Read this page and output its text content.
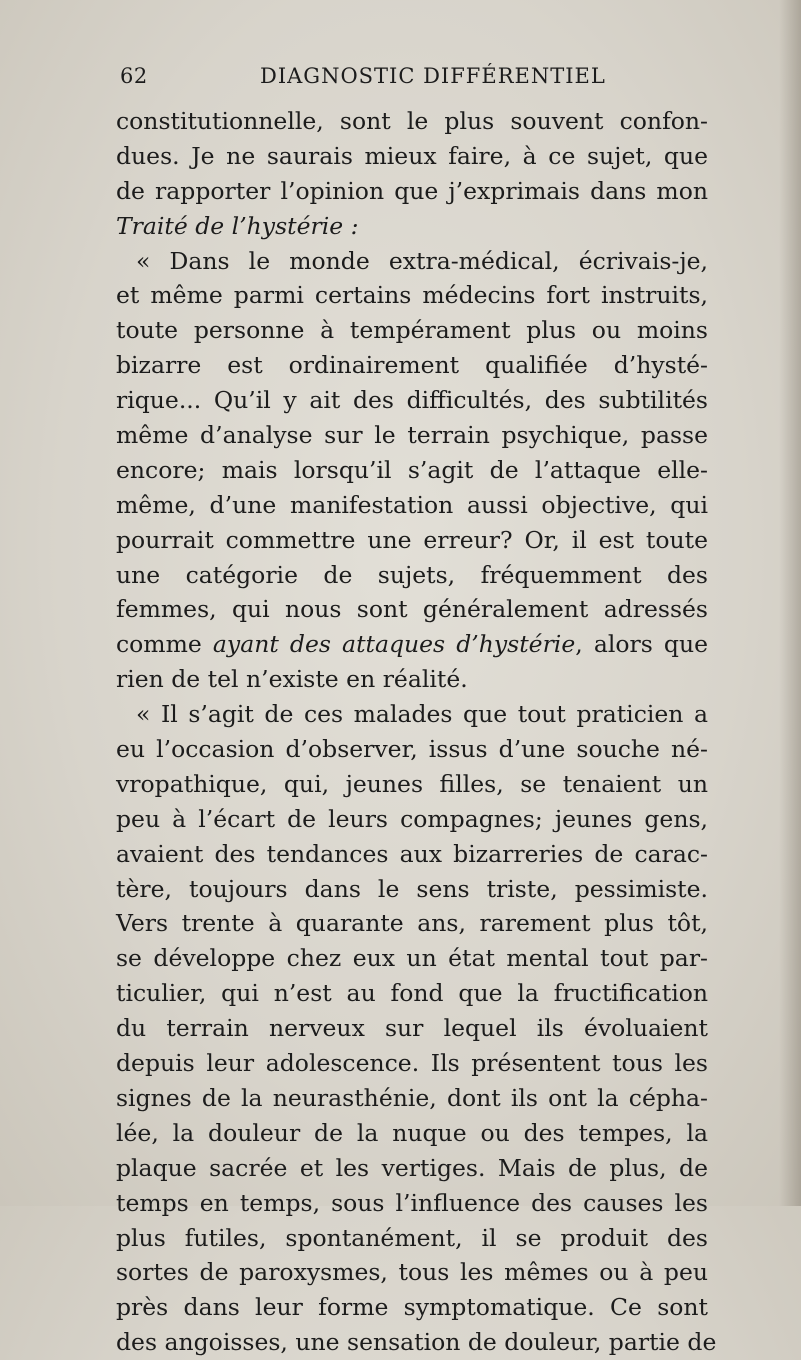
62	DIAGNOSTIC DIFFÉRENTIEL
constitutionnelle, sont le plus souvent confon-
dues. Je ne saurais mieux faire, à ce sujet, que
de rapporter l’opinion que j’exprimais dans mon
Traité de l’hystérie :
« Dans le monde extra-médical, écrivais-je,
et même parmi certains médecins fort instruits,
toute personne à tempérament plus ou moins
bizarre est ordinairement qualifiée d’hysté-
rique... Qu’il y ait des difficultés, des subtilités
même d’analyse sur le terrain psychique, passe
encore; mais lorsqu’il s’agit de l’attaque elle-
même, d’une manifestation aussi objective, qui
pourrait commettre une erreur? Or, il est toute
une catégorie de sujets, fréquemment des
femmes, qui nous sont généralement adressés
comme ayant des attaques d’hystérie, alors que
rien de tel n’existe en réalité.
« Il s’agit de ces malades que tout praticien a
eu l’occasion d’observer, issus d’une souche né-
vropathique, qui, jeunes filles, se tenaient un
peu à l’écart de leurs compagnes; jeunes gens,
avaient des tendances aux bizarreries de carac-
tère, toujours dans le sens triste, pessimiste.
Vers trente à quarante ans, rarement plus tôt,
se développe chez eux un état mental tout par-
ticulier, qui n’est au fond que la fructification
du terrain nerveux sur lequel ils évoluaient
depuis leur adolescence. Ils présentent tous les
signes de la neurasthénie, dont ils ont la cépha-
lée, la douleur de la nuque ou des tempes, la
plaque sacrée et les vertiges. Mais de plus, de
temps en temps, sous l’influence des causes les
plus futiles, spontanément, il se produit des
sortes de paroxysmes, tous les mêmes ou à peu
près dans leur forme symptomatique. Ce sont
des angoisses, une sensation de douleur, partie de
